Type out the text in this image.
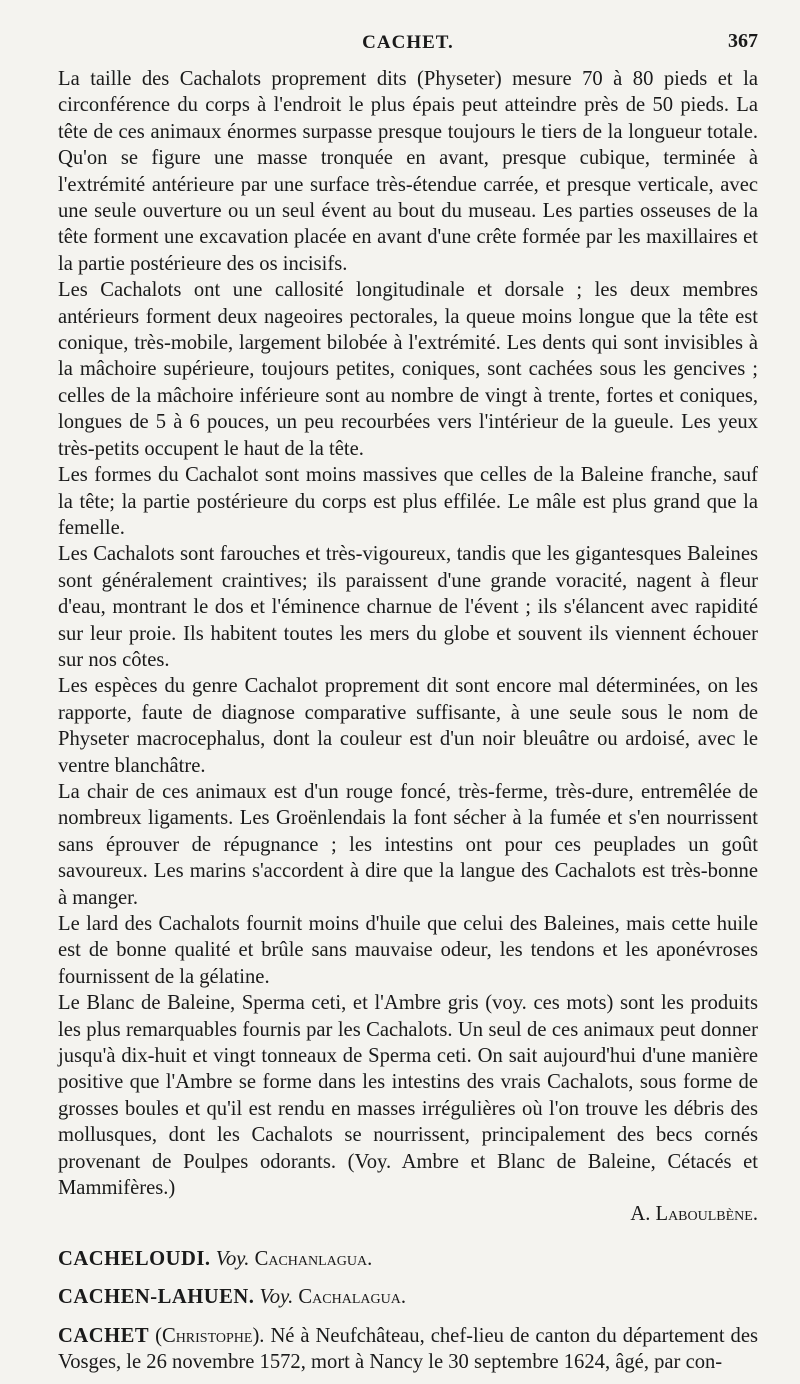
CACHET.	367

La taille des Cachalots proprement dits (Physeter) mesure 70 à 80 pieds et la circonférence du corps à l'endroit le plus épais peut atteindre près de 50 pieds. La tête de ces animaux énormes surpasse presque toujours le tiers de la longueur totale. Qu'on se figure une masse tronquée en avant, presque cubique, terminée à l'extrémité antérieure par une surface très-étendue carrée, et presque verticale, avec une seule ouverture ou un seul évent au bout du museau. Les parties osseuses de la tête forment une excavation placée en avant d'une crête formée par les maxillaires et la partie postérieure des os incisifs.

Les Cachalots ont une callosité longitudinale et dorsale ; les deux membres antérieurs forment deux nageoires pectorales, la queue moins longue que la tête est conique, très-mobile, largement bilobée à l'extrémité. Les dents qui sont invisibles à la mâchoire supérieure, toujours petites, coniques, sont cachées sous les gencives ; celles de la mâchoire inférieure sont au nombre de vingt à trente, fortes et coniques, longues de 5 à 6 pouces, un peu recourbées vers l'intérieur de la gueule. Les yeux très-petits occupent le haut de la tête.

Les formes du Cachalot sont moins massives que celles de la Baleine franche, sauf la tête; la partie postérieure du corps est plus effilée. Le mâle est plus grand que la femelle.

Les Cachalots sont farouches et très-vigoureux, tandis que les gigantesques Baleines sont généralement craintives; ils paraissent d'une grande voracité, nagent à fleur d'eau, montrant le dos et l'éminence charnue de l'évent ; ils s'élancent avec rapidité sur leur proie. Ils habitent toutes les mers du globe et souvent ils viennent échouer sur nos côtes.

Les espèces du genre Cachalot proprement dit sont encore mal déterminées, on les rapporte, faute de diagnose comparative suffisante, à une seule sous le nom de Physeter macrocephalus, dont la couleur est d'un noir bleuâtre ou ardoisé, avec le ventre blanchâtre.

La chair de ces animaux est d'un rouge foncé, très-ferme, très-dure, entremêlée de nombreux ligaments. Les Groënlendais la font sécher à la fumée et s'en nourrissent sans éprouver de répugnance ; les intestins ont pour ces peuplades un goût savoureux. Les marins s'accordent à dire que la langue des Cachalots est très-bonne à manger.

Le lard des Cachalots fournit moins d'huile que celui des Baleines, mais cette huile est de bonne qualité et brûle sans mauvaise odeur, les tendons et les aponévroses fournissent de la gélatine.

Le Blanc de Baleine, Sperma ceti, et l'Ambre gris (voy. ces mots) sont les produits les plus remarquables fournis par les Cachalots. Un seul de ces animaux peut donner jusqu'à dix-huit et vingt tonneaux de Sperma ceti. On sait aujourd'hui d'une manière positive que l'Ambre se forme dans les intestins des vrais Cachalots, sous forme de grosses boules et qu'il est rendu en masses irrégulières où l'on trouve les débris des mollusques, dont les Cachalots se nourrissent, principalement des becs cornés provenant de Poulpes odorants. (Voy. Ambre et Blanc de Baleine, Cétacés et Mammifères.)

A. Laboulbène.

CACHELOUDI. Voy. Cachanlagua.

CACHEN-LAHUEN. Voy. Cachalagua.

CACHET (Christophe). Né à Neufchâteau, chef-lieu de canton du département des Vosges, le 26 novembre 1572, mort à Nancy le 30 septembre 1624, âgé, par con-
